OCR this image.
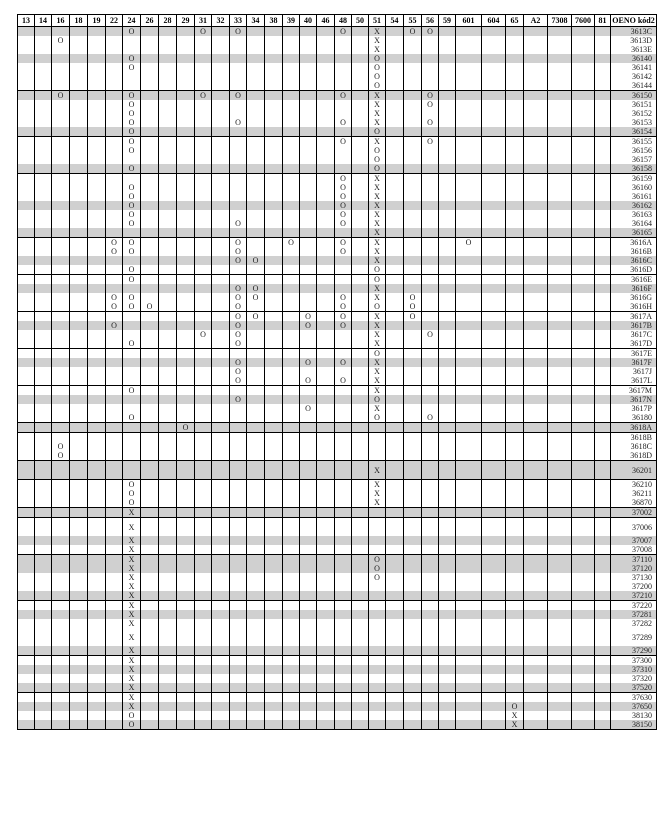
13	14	16	18	19	22	24	26	28	29	31	32	33	34	38	39	40	46	48	50	51	54	55	56	59	601	604	65	A2	7308	7600	81	OENO kód2
						O				O		O						O		X		O	O									3613C
		O																		X												3613D
																				X												3613E
						O														O												36140
						O														O												36141
																				O												36142
																				O												36144
		O				O				O		O						O		X			O									36150
						O														X			O									36151
						O														X												36152
						O						O						O		X			O									36153
						O														O												36154
						O												O		X			O									36155
						O														O												36156
																				O												36157
						O														O												36158
																		O		X												36159
						O												O		X												36160
						O												O		X												36161
						O												O		X												36162
						O												O		X												36163
						O						O						O		X												36164
																				X												36165
					O	O						O			O			O		X					O							3616A
					O	O						O						O		X												3616B
												O	O							X												3616C
						O														O												3616D
						O														O												3616E
												O	O							X												3616F
					O	O						O	O					O		X		O										3616G
					O	O	O					O						O		O		O										3616H
												O	O			O		O		X		O										3617A
					O							O				O		O		X												3617B
										O		O								X			O									3617C
						O						O								X												3617D
																				O												3617E
												O				O		O		X												3617F
												O								X												3617J
												O				O		O		X												3617L
						O														X												3617M
												O								O												3617N
																O				X												3617P
						O														O			O									36180
									O																							3618A
																																3618B
		O																														3618C
		O																														3618D
																				X												36201
						O														X												36210
						O														X												36211
						O														X												36870
						X																										37002
						X																										37006
						X																										37007
						X																										37008
						X														O												37110
						X														O												37120
						X														O												37130
						X																										37200
						X																										37210
						X																										37220
						X																										37281
						X																										37282
						X																										37289
						X																										37290
						X																										37300
						X																										37310
						X																										37320
						X																										37520
						X																										37630
						X																					O					37650
						O																					X					38130
						O																					X					38150
